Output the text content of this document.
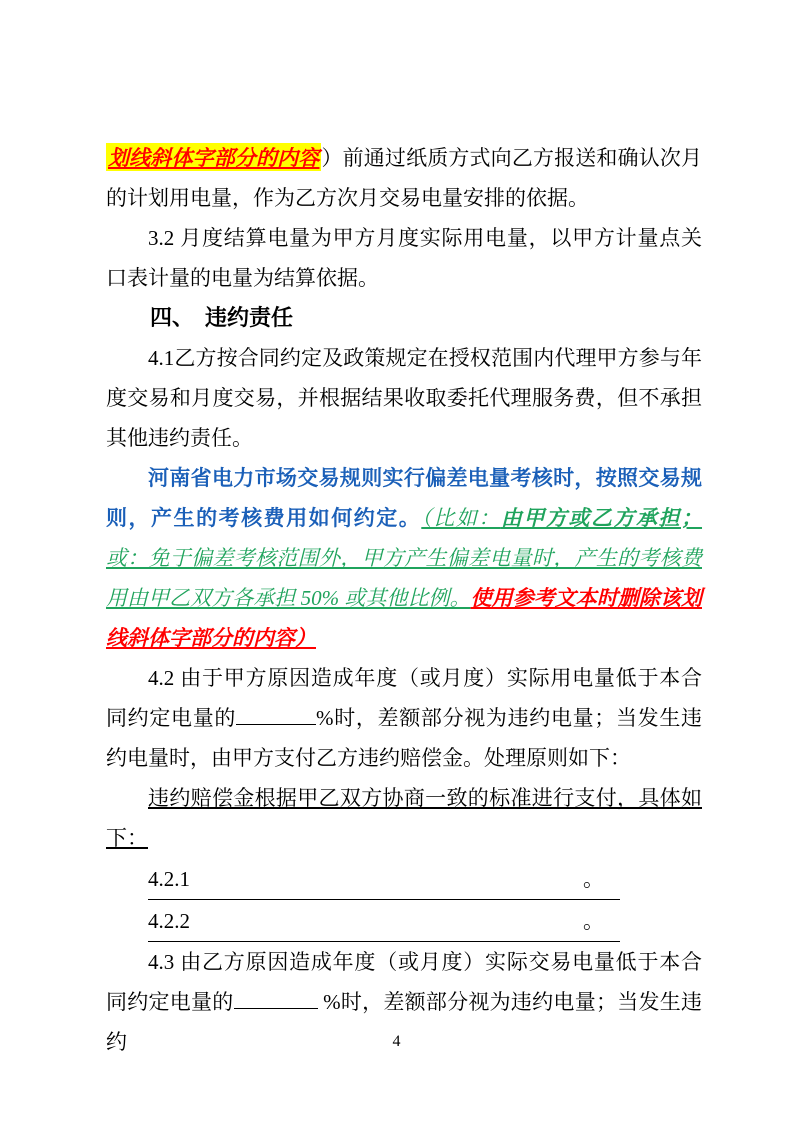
划线斜体字部分的内容）前通过纸质方式向乙方报送和确认次月的计划用电量，作为乙方次月交易电量安排的依据。

3.2 月度结算电量为甲方月度实际用电量，以甲方计量点关口表计量的电量为结算依据。

四、　违约责任

4.1乙方按合同约定及政策规定在授权范围内代理甲方参与年度交易和月度交易，并根据结果收取委托代理服务费，但不承担其他违约责任。

河南省电力市场交易规则实行偏差电量考核时，按照交易规则，产生的考核费用如何约定。（比如：由甲方或乙方承担；或：免于偏差考核范围外，甲方产生偏差电量时，产生的考核费用由甲乙双方各承担 50% 或其他比例。使用参考文本时删除该划线斜体字部分的内容）

4.2 由于甲方原因造成年度（或月度）实际用电量低于本合同约定电量的	%时，差额部分视为违约电量；当发生违约电量时，由甲方支付乙方违约赔偿金。处理原则如下：

违约赔偿金根据甲乙双方协商一致的标准进行支付，具体如下：

4.2.1	。
4.2.2	。

4.3 由乙方原因造成年度（或月度）实际交易电量低于本合同约定电量的	%时，差额部分视为违约电量；当发生违约	4
